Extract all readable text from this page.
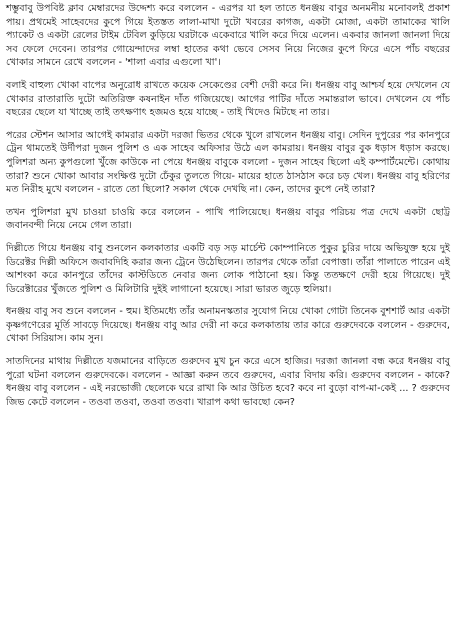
শম্ভুবাবু উপবিষ্ট ক্লাব মেম্বারদের উদ্দেশ্য করে বললেন - এরপর যা হল তাতে ধনঞ্জয় বাবুর অনমনীয় মনোবলই প্রকাশ পায়। প্রথমেই সাহেবদের কুপে গিয়ে ইতস্তত লালা-মাখা দুটো খবরের কাগজ, একটা মোজা, একটা তামাকের খালি প্যাকেট ও একটা রেলের টাইম টেবিল কুড়িয়ে ঘরটাকে একেবারে খালি করে দিয়ে এলেন। একবার জানলা জানলা দিয়ে সব ফেলে দেবেন। তারপর গোয়েন্দাদের লম্বা হাতের কথা ভেবে সেসব নিয়ে নিজের কুপে ফিরে এসে পাঁচ বছরের খোকার সামনে রেখে বললেন - 'শালা এবার এগুলো খা'।

বলাই বাহুল্য খোকা বাপের অনুরোধ রাখতে কয়েক সেকেণ্ডের বেশী দেরী করে নি। ধনঞ্জয় বাবু আশ্চর্য হয়ে দেখলেন যে খোকার রাতারাতি দুটো অতিরিক্ত কষনাইন দাঁত গজিয়েছে। আগের পাটির দাঁতে সমান্তরাল ভাবে। দেখলেন যে পাঁচ বছরের ছেলে যা খাচ্ছে তাই তৎক্ষণাৎ হজমও হয়ে যাচ্ছে - তাই খিদেও মিটছে না তার।

পরের স্টেশন আসার আগেই কামরার একটা দরজা ভিতর থেকে খুলে রাখলেন ধনঞ্জয় বাবু। সেদিন দুপুরের পর কানপুরে ট্রেন থামতেই উর্দীপরা দুজন পুলিশ ও এক সাহেব অফিসার উঠে এল কামরায়। ধনঞ্জয় বাবুর বুক ধড়াস ধড়াস করছে। পুলিশরা অন্য কুপগুলো খুঁজে কাউকে না পেয়ে ধনঞ্জয় বাবুকে বললো - দুজন সাহেব ছিলো এই কম্পার্টমেন্টে। কোথায় তারা? শুনে খোকা আবার সংক্ষিপ্ত দুটো ঢেঁকুর তুলতে গিয়ে- মায়ের হাতে ঠাসঠাস করে চড় খেল। ধনঞ্জয় বাবু হরিণের মত নিরীহ মুখে বললেন - রাতে তো ছিলো? সকাল থেকে দেখছি না। কেন, তাদের কুপে নেই তারা?

তখন পুলিশরা মুখ চাওয়া চাওয়ি করে বললেন - পাখি পালিয়েছে। ধনঞ্জয় বাবুর পরিচয় পত্র দেখে একটা ছোট্ট জবানবন্দী নিয়ে নেমে গেল তারা।

দিল্লীতে গিয়ে ধনঞ্জয় বাবু শুনলেন কলকাতার একটি বড় সড় মার্চেন্ট কোম্পানিতে পুকুর চুরির দায়ে অভিযুক্ত হয়ে দুই ডিরেক্টর দিল্লী অফিসে জবাবদিহি করার জন্য ট্রেনে উঠেছিলেন। তারপর থেকে তাঁরা বেপাত্তা। তাঁরা পালাতে পারেন এই আশংকা করে কানপুরে তাঁদের কাস্টডিতে নেবার জন্য লোক পাঠানো হয়। কিন্তু ততক্ষণে দেরী হয়ে গিয়েছে। দুই ডিরেক্টারের খুঁজতে পুলিশ ও মিলিটারি দুইই লাগানো হয়েছে। সারা ভারত জুড়ে হুলিয়া।

ধনঞ্জয় বাবু সব শুনে বললেন - হুম। ইতিমধ্যে তাঁর অনামনস্কতার সুযোগ নিয়ে খোকা গোটা তিনেক বুশশার্ট আর একটা কৃষ্ণগণেরের মূর্তি সাবড়ে দিয়েছে। ধনঞ্জয় বাবু আর দেরী না করে কলকাতায় তার কারে গুরুদেবকে বললেন - গুরুদেব, খোকা সিরিয়াস। কাম সুন।

সাতদিনের মাথায় দিল্লীতে যজমানের বাড়িতে গুরুদেব মুখ চুন করে এসে হাজির। দরজা জানলা বন্ধ করে ধনঞ্জয় বাবু পুরো ঘটনা বললেন গুরুদেবকে। বললেন - আজ্ঞা করুন তবে গুরুদেব, এবার বিদায় করি। গুরুদেব বললেন - কাকে? ধনঞ্জয় বাবু বললেন - এই নরভোজী ছেলেকে ঘরে রাখা কি আর উচিত হবে? কবে না বুড়ো বাপ-মা-কেই ... ? গুরুদেব জিভ কেটে বললেন - তওবা তওবা, তওবা তওবা। খারাপ কথা ভাবছো কেন?
